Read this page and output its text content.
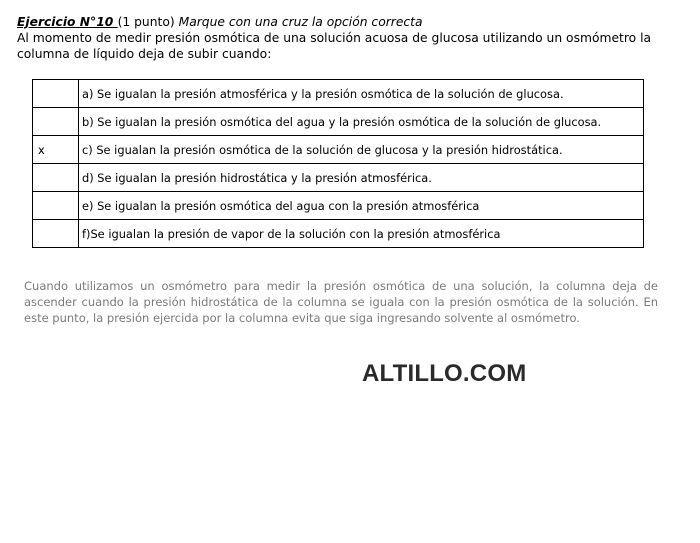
Ejercicio N°10 (1 punto) Marque con una cruz la opción correcta
Al momento de medir presión osmótica de una solución acuosa de glucosa utilizando un osmómetro la columna de líquido deja de subir cuando:
	a) Se igualan la presión atmosférica y la presión osmótica de la solución de glucosa.
	b) Se igualan la presión osmótica del agua y la presión osmótica de la solución de glucosa.
x	c) Se igualan la presión osmótica de la solución de glucosa y la presión hidrostática.
	d) Se igualan la presión hidrostática y la presión atmosférica.
	e) Se igualan la presión osmótica del agua con la presión atmosférica
	f)Se igualan la presión de vapor de la solución con la presión atmosférica
Cuando utilizamos un osmómetro para medir la presión osmótica de una solución, la columna deja de ascender cuando la presión hidrostática de la columna se iguala con la presión osmótica de la solución. En este punto, la presión ejercida por la columna evita que siga ingresando solvente al osmómetro.
ALTILLO.COM
